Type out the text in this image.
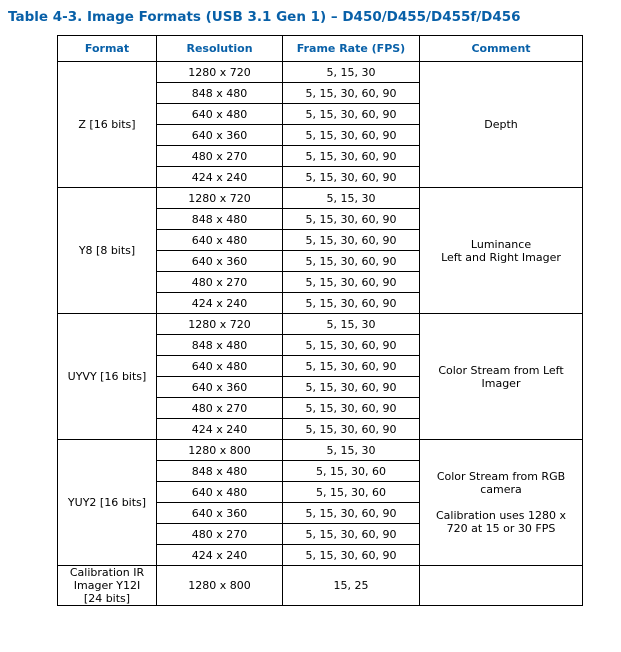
Table 4-3. Image Formats (USB 3.1 Gen 1) – D450/D455/D455f/D456
Format	Resolution	Frame Rate (FPS)	Comment
Z [16 bits]	1280 x 720	5, 15, 30	Depth

	848 x 480	5, 15, 30, 60, 90	
	640 x 480	5, 15, 30, 60, 90	
	640 x 360	5, 15, 30, 60, 90	
	480 x 270	5, 15, 30, 60, 90	
	424 x 240	5, 15, 30, 60, 90	
Y8 [8 bits]	1280 x 720	5, 15, 30	Luminance
Left and Right Imager

	848 x 480	5, 15, 30, 60, 90	
	640 x 480	5, 15, 30, 60, 90	
	640 x 360	5, 15, 30, 60, 90	
	480 x 270	5, 15, 30, 60, 90	
	424 x 240	5, 15, 30, 60, 90	
UYVY [16 bits]	1280 x 720	5, 15, 30	Color Stream from Left
Imager

	848 x 480	5, 15, 30, 60, 90	
	640 x 480	5, 15, 30, 60, 90	
	640 x 360	5, 15, 30, 60, 90	
	480 x 270	5, 15, 30, 60, 90	
	424 x 240	5, 15, 30, 60, 90	
YUY2 [16 bits]	1280 x 800	5, 15, 30	Color Stream from RGB
camera
Calibration uses 1280 x
720 at 15 or 30 FPS

	848 x 480	5, 15, 30, 60	
	640 x 480	5, 15, 30, 60	
	640 x 360	5, 15, 30, 60, 90	
	480 x 270	5, 15, 30, 60, 90	
	424 x 240	5, 15, 30, 60, 90	

Calibration IR
Imager Y12I
[24 bits]	1280 x 800	15, 25	
